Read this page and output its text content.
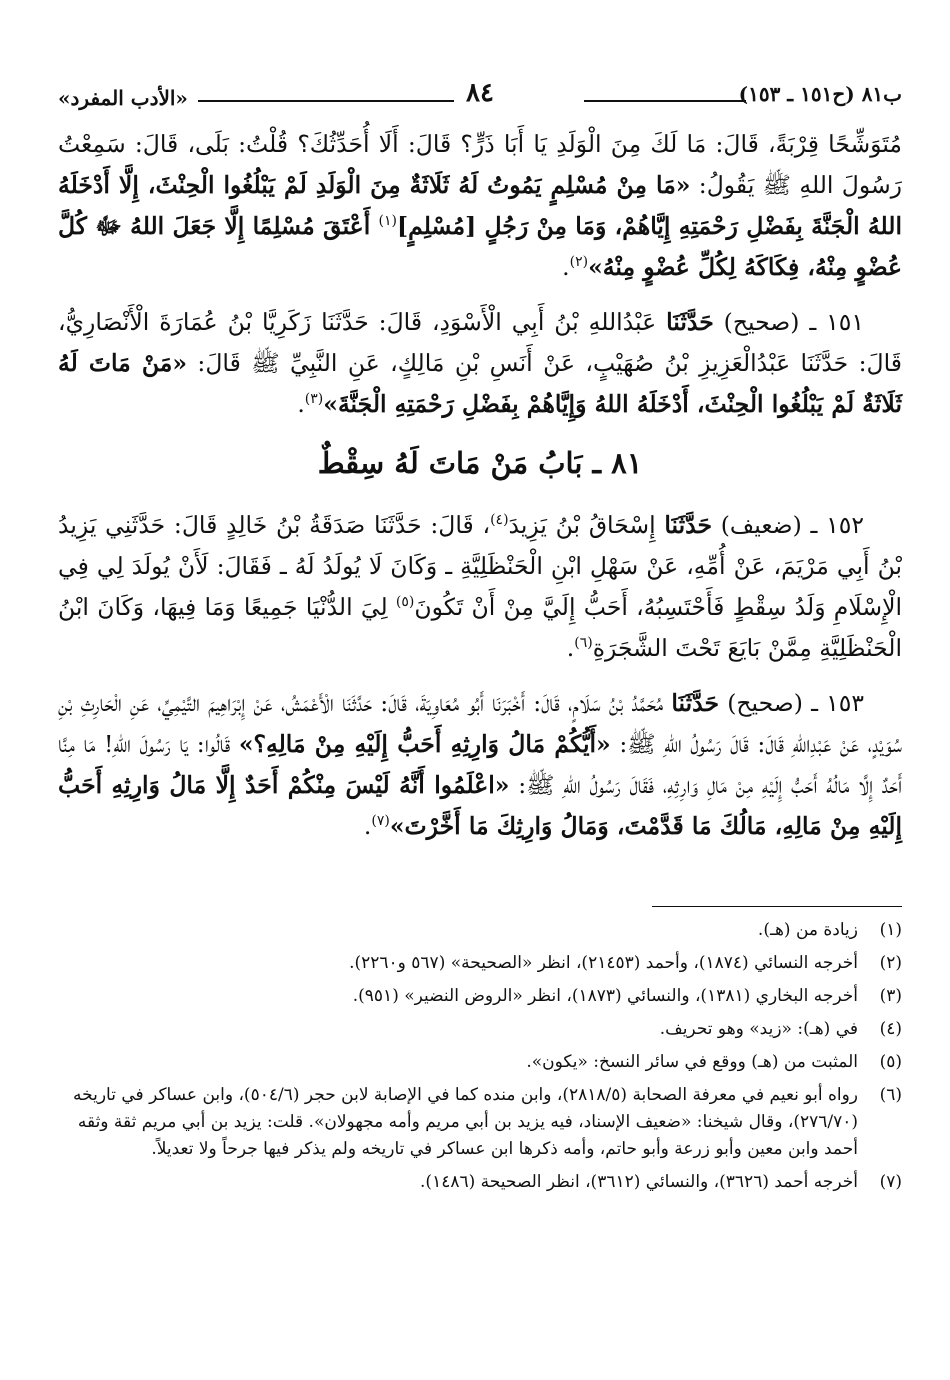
ب٨١ (ح١٥١ ـ ١٥٣)
٨٤
«الأدب المفرد»

مُتَوَشِّحًا قِرْبَةً، قَالَ: مَا لَكَ مِنَ الْوَلَدِ يَا أَبَا ذَرٍّ؟ قَالَ: أَلَا أُحَدِّثُكَ؟ قُلْتُ: بَلَى، قَالَ: سَمِعْتُ رَسُولَ اللهِ ﷺ يَقُولُ: «مَا مِنْ مُسْلِمٍ يَمُوتُ لَهُ ثَلَاثَةٌ مِنَ الْوَلَدِ لَمْ يَبْلُغُوا الْحِنْثَ، إِلَّا أَدْخَلَهُ اللهُ الْجَنَّةَ بِفَضْلِ رَحْمَتِهِ إِيَّاهُمْ، وَمَا مِنْ رَجُلٍ [مُسْلِمٍ]$^{(١)}$ أَعْتَقَ مُسْلِمًا إِلَّا جَعَلَ اللهُ ﷻ كُلَّ عُضْوٍ مِنْهُ، فِكَاكَهُ لِكُلِّ عُضْوٍ مِنْهُ»$^{(٢)}$.

١٥١ ـ (صحيح) حَدَّثَنَا عَبْدُاللهِ بْنُ أَبِي الْأَسْوَدِ، قَالَ: حَدَّثَنَا زَكَرِيَّا بْنُ عُمَارَةَ الْأَنْصَارِيُّ، قَالَ: حَدَّثَنَا عَبْدُالْعَزِيزِ بْنُ صُهَيْبٍ، عَنْ أَنَسِ بْنِ مَالِكٍ، عَنِ النَّبِيِّ ﷺ قَالَ: «مَنْ مَاتَ لَهُ ثَلَاثَةٌ لَمْ يَبْلُغُوا الْحِنْثَ، أَدْخَلَهُ اللهُ وَإِيَّاهُمْ بِفَضْلِ رَحْمَتِهِ الْجَنَّةَ»$^{(٣)}$.

٨١ ـ بَابُ مَنْ مَاتَ لَهُ سِقْطٌ

١٥٢ ـ (ضعيف) حَدَّثَنَا إِسْحَاقُ بْنُ يَزِيدَ$^{(٤)}$، قَالَ: حَدَّثَنَا صَدَقَةُ بْنُ خَالِدٍ قَالَ: حَدَّثَنِي يَزِيدُ بْنُ أَبِي مَرْيَمَ، عَنْ أُمِّهِ، عَنْ سَهْلِ ابْنِ الْحَنْظَلِيَّةِ ـ وَكَانَ لَا يُولَدُ لَهُ ـ فَقَالَ: لَأَنْ يُولَدَ لِي فِي الْإِسْلَامِ وَلَدُ سِقْطٍ فَأَحْتَسِبُهُ، أَحَبُّ إِلَيَّ مِنْ أَنْ تَكُونَ$^{(٥)}$ لِيَ الدُّنْيَا جَمِيعًا وَمَا فِيهَا، وَكَانَ ابْنُ الْحَنْظَلِيَّةِ مِمَّنْ بَايَعَ تَحْتَ الشَّجَرَةِ$^{(٦)}$.

١٥٣ ـ (صحيح) حَدَّثَنَا مُحَمَّدُ بْنُ سَلَامٍ، قَالَ: أَخْبَرَنَا أَبُو مُعَاوِيَةَ، قَالَ: حَدَّثَنَا الْأَعْمَشُ، عَنْ إِبْرَاهِيمَ التَّيْمِيِّ، عَنِ الْحَارِثِ بْنِ سُوَيْدٍ، عَنْ عَبْدِاللهِ قَالَ: قَالَ رَسُولُ اللهِ ﷺ: «أَيُّكُمْ مَالُ وَارِثِهِ أَحَبُّ إِلَيْهِ مِنْ مَالِهِ؟» قَالُوا: يَا رَسُولَ اللهِ! مَا مِنَّا أَحَدٌ إِلَّا مَالُهُ أَحَبُّ إِلَيْهِ مِنْ مَالِ وَارِثِهِ، فَقَالَ رَسُولُ اللهِ ﷺ: «اعْلَمُوا أَنَّهُ لَيْسَ مِنْكُمْ أَحَدٌ إِلَّا مَالُ وَارِثِهِ أَحَبُّ إِلَيْهِ مِنْ مَالِهِ، مَالُكَ مَا قَدَّمْتَ، وَمَالُ وَارِثِكَ مَا أَخَّرْتَ»$^{(٧)}$.

(١)
زيادة من (هـ).
(٢)
أخرجه النسائي (١٨٧٤)، وأحمد (٢١٤٥٣)، انظر «الصحيحة» (٥٦٧ و٢٢٦٠).
(٣)
أخرجه البخاري (١٣٨١)، والنسائي (١٨٧٣)، انظر «الروض النضير» (٩٥١).
(٤)
في (هـ): «زيد» وهو تحريف.
(٥)
المثبت من (هـ) ووقع في سائر النسخ: «يكون».
(٦)
رواه أبو نعيم في معرفة الصحابة (٢٨١٨/٥)، وابن منده كما في الإصابة لابن حجر (٥٠٤/٦)، وابن عساكر في تاريخه (٢٧٦/٧٠)، وقال شيخنا: «ضعيف الإسناد، فيه يزيد بن أبي مريم وأمه مجهولان». قلت: يزيد بن أبي مريم ثقة وثقه أحمد وابن معين وأبو زرعة وأبو حاتم، وأمه ذكرها ابن عساكر في تاريخه ولم يذكر فيها جرحاً ولا تعديلاً.
(٧)
أخرجه أحمد (٣٦٢٦)، والنسائي (٣٦١٢)، انظر الصحيحة (١٤٨٦).
